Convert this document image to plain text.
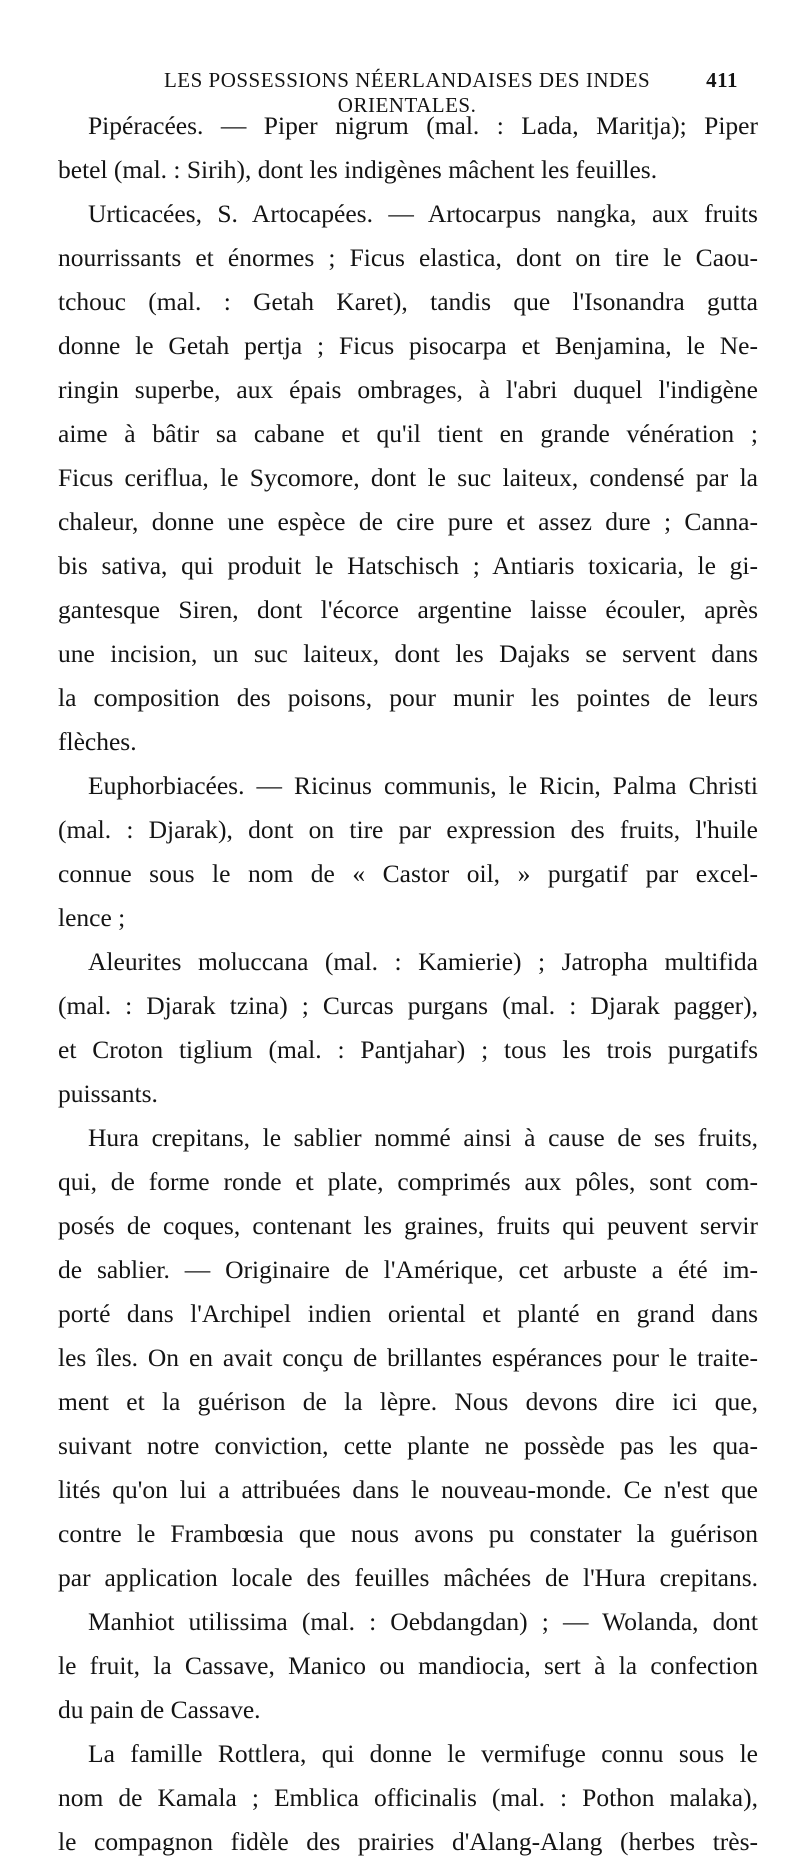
LES POSSESSIONS NÉERLANDAISES DES INDES ORIENTALES.
411
Pipéracées. — Piper nigrum (mal. : Lada, Maritja); Piper
betel (mal. : Sirih), dont les indigènes mâchent les feuilles.
Urticacées, S. Artocapées. — Artocarpus nangka, aux fruits
nourrissants et énormes ; Ficus elastica, dont on tire le Caou-
tchouc (mal. : Getah Karet), tandis que l'Isonandra gutta
donne le Getah pertja ; Ficus pisocarpa et Benjamina, le Ne-
ringin superbe, aux épais ombrages, à l'abri duquel l'indigène
aime à bâtir sa cabane et qu'il tient en grande vénération ;
Ficus cerifluа, le Sycomore, dont le suc laiteux, condensé par la
chaleur, donne une espèce de cire pure et assez dure ; Canna-
bis sativa, qui produit le Hatschisch ; Antiaris toxicaria, le gi-
gantesque Siren, dont l'écorce argentine laisse écouler, après
une incision, un suc laiteux, dont les Dajaks se servent dans
la composition des poisons, pour munir les pointes de leurs
flèches.
Euphorbiacées. — Ricinus communis, le Ricin, Palma Christi
(mal. : Djarak), dont on tire par expression des fruits, l'huile
connue sous le nom de « Castor oil, » purgatif par excel-
lence ;
Aleurites moluccana (mal. : Kamierie) ; Jatropha multifida
(mal. : Djarak tzina) ; Curcas purgans (mal. : Djarak pagger),
et Croton tiglium (mal. : Pantjahar) ; tous les trois purgatifs
puissants.
Hura crepitans, le sablier nommé ainsi à cause de ses fruits,
qui, de forme ronde et plate, comprimés aux pôles, sont com-
posés de coques, contenant les graines, fruits qui peuvent servir
de sablier. — Originaire de l'Amérique, cet arbuste a été im-
porté dans l'Archipel indien oriental et planté en grand dans
les îles. On en avait conçu de brillantes espérances pour le traite-
ment et la guérison de la lèpre. Nous devons dire ici que,
suivant notre conviction, cette plante ne possède pas les qua-
lités qu'on lui a attribuées dans le nouveau-monde. Ce n'est que
contre le Frambœsia que nous avons pu constater la guérison
par application locale des feuilles mâchées de l'Hura crepitans.
Manhiot utilissima (mal. : Oebdangdan) ; — Wolanda, dont
le fruit, la Cassave, Manico ou mandiocia, sert à la confection
du pain de Cassave.
La famille Rottlera, qui donne le vermifuge connu sous le
nom de Kamala ; Emblica officinalis (mal. : Pothon malaka),
le compagnon fidèle des prairies d'Alang-Alang (herbes très-
